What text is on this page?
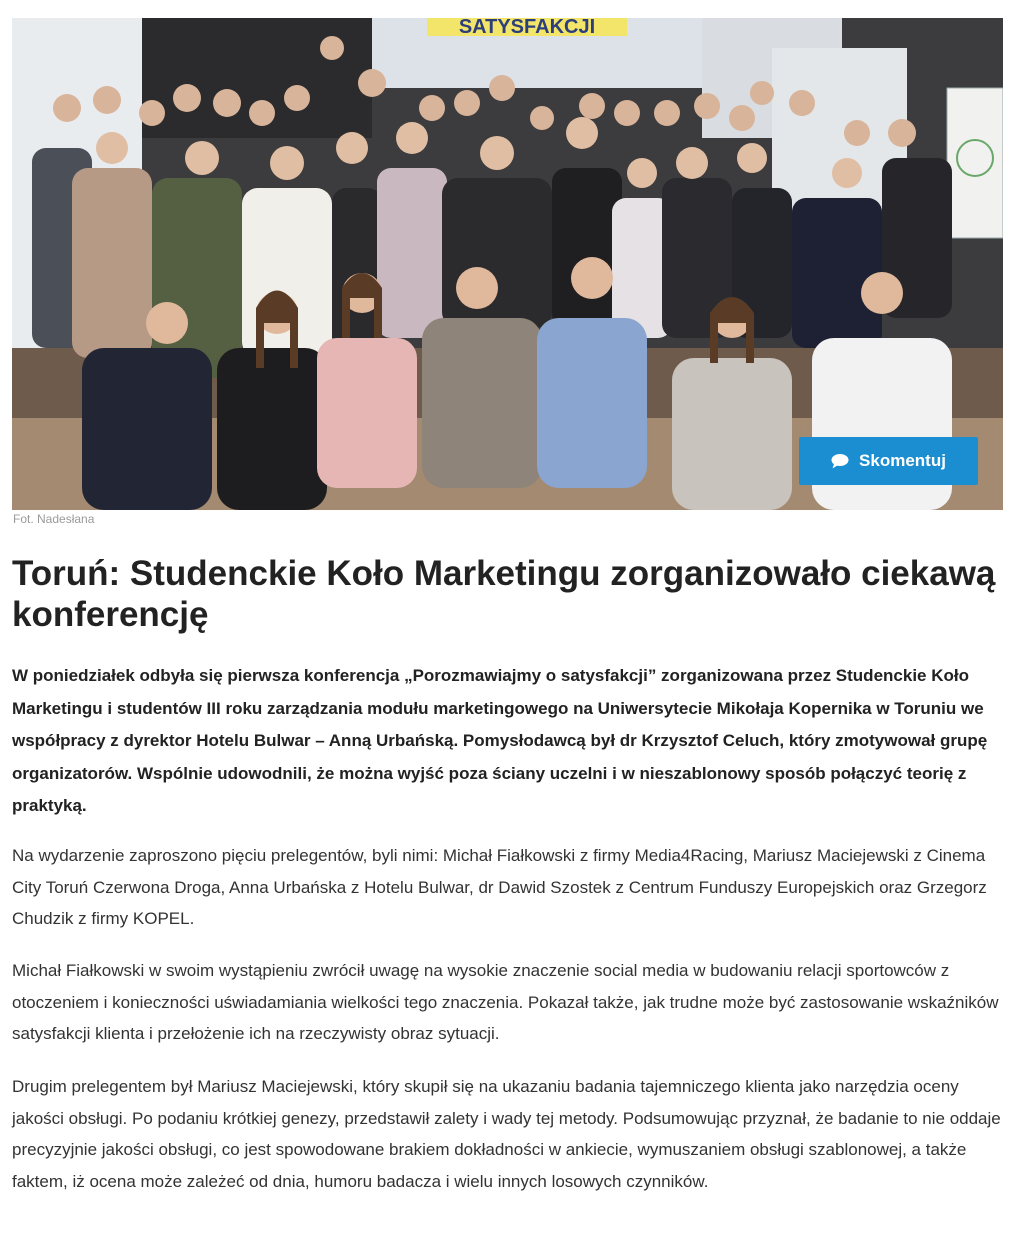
SATYSFAKCJI
Skomentuj
Fot. Nadesłana
Toruń: Studenckie Koło Marketingu zorganizowało ciekawą konferencję

W poniedziałek odbyła się pierwsza konferencja „Porozmawiajmy o satysfakcji” zorganizowana przez Studenckie Koło Marketingu i studentów III roku zarządzania modułu marketingowego na Uniwersytecie Mikołaja Kopernika w Toruniu we współpracy z dyrektor Hotelu Bulwar – Anną Urbańską. Pomysłodawcą był dr Krzysztof Celuch, który zmotywował grupę organizatorów. Wspólnie udowodnili, że można wyjść poza ściany uczelni i w nieszablonowy sposób połączyć teorię z praktyką.

Na wydarzenie zaproszono pięciu prelegentów, byli nimi: Michał Fiałkowski z firmy Media4Racing, Mariusz Maciejewski z Cinema City Toruń Czerwona Droga, Anna Urbańska z Hotelu Bulwar, dr Dawid Szostek z Centrum Funduszy Europejskich oraz Grzegorz Chudzik z firmy KOPEL.

Michał Fiałkowski w swoim wystąpieniu zwrócił uwagę na wysokie znaczenie social media w budowaniu relacji sportowców z otoczeniem i konieczności uświadamiania wielkości tego znaczenia. Pokazał także, jak trudne może być zastosowanie wskaźników satysfakcji klienta i przełożenie ich na rzeczywisty obraz sytuacji.

Drugim prelegentem był Mariusz Maciejewski, który skupił się na ukazaniu badania tajemniczego klienta jako narzędzia oceny jakości obsługi. Po podaniu krótkiej genezy, przedstawił zalety i wady tej metody. Podsumowując przyznał, że badanie to nie oddaje precyzyjnie jakości obsługi, co jest spowodowane brakiem dokładności w ankiecie, wymuszaniem obsługi szablonowej, a także faktem, iż ocena może zależeć od dnia, humoru badacza i wielu innych losowych czynników.
